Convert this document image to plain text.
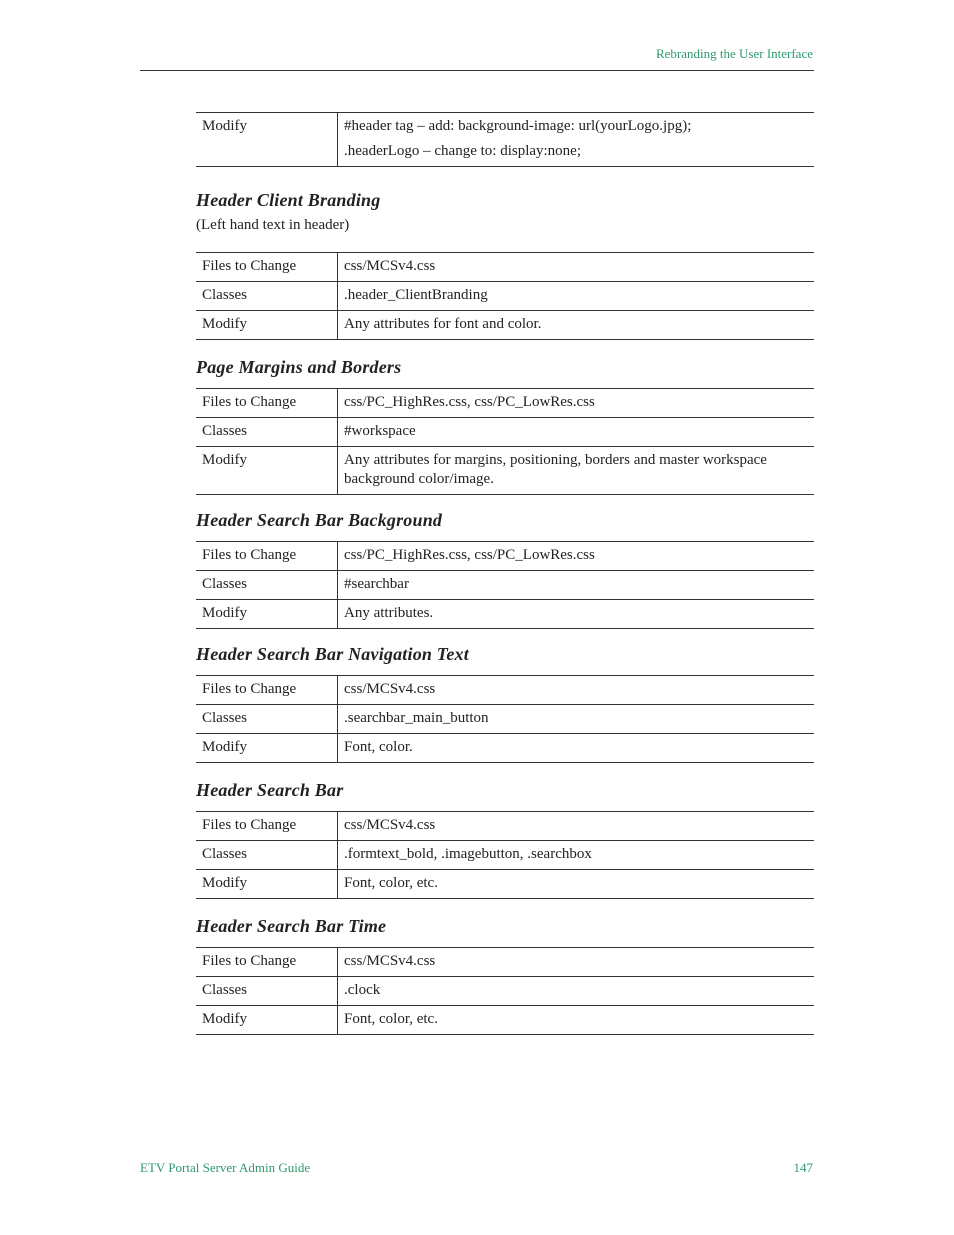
Rebranding the User Interface
Modify	#header tag – add: background-image: url(yourLogo.jpg);
.headerLogo – change to: display:none;
Header Client Branding
(Left hand text in header)
Files to Change	css/MCSv4.css
Classes	.header_ClientBranding
Modify	Any attributes for font and color.
Page Margins and Borders
Files to Change	css/PC_HighRes.css, css/PC_LowRes.css
Classes	#workspace
Modify	Any attributes for margins, positioning, borders and master workspace background color/image.
Header Search Bar Background
Files to Change	css/PC_HighRes.css, css/PC_LowRes.css
Classes	#searchbar
Modify	Any attributes.
Header Search Bar Navigation Text
Files to Change	css/MCSv4.css
Classes	.searchbar_main_button
Modify	Font, color.
Header Search Bar
Files to Change	css/MCSv4.css
Classes	.formtext_bold, .imagebutton, .searchbox
Modify	Font, color, etc.
Header Search Bar Time
Files to Change	css/MCSv4.css
Classes	.clock
Modify	Font, color, etc.
ETV Portal Server Admin Guide	147
